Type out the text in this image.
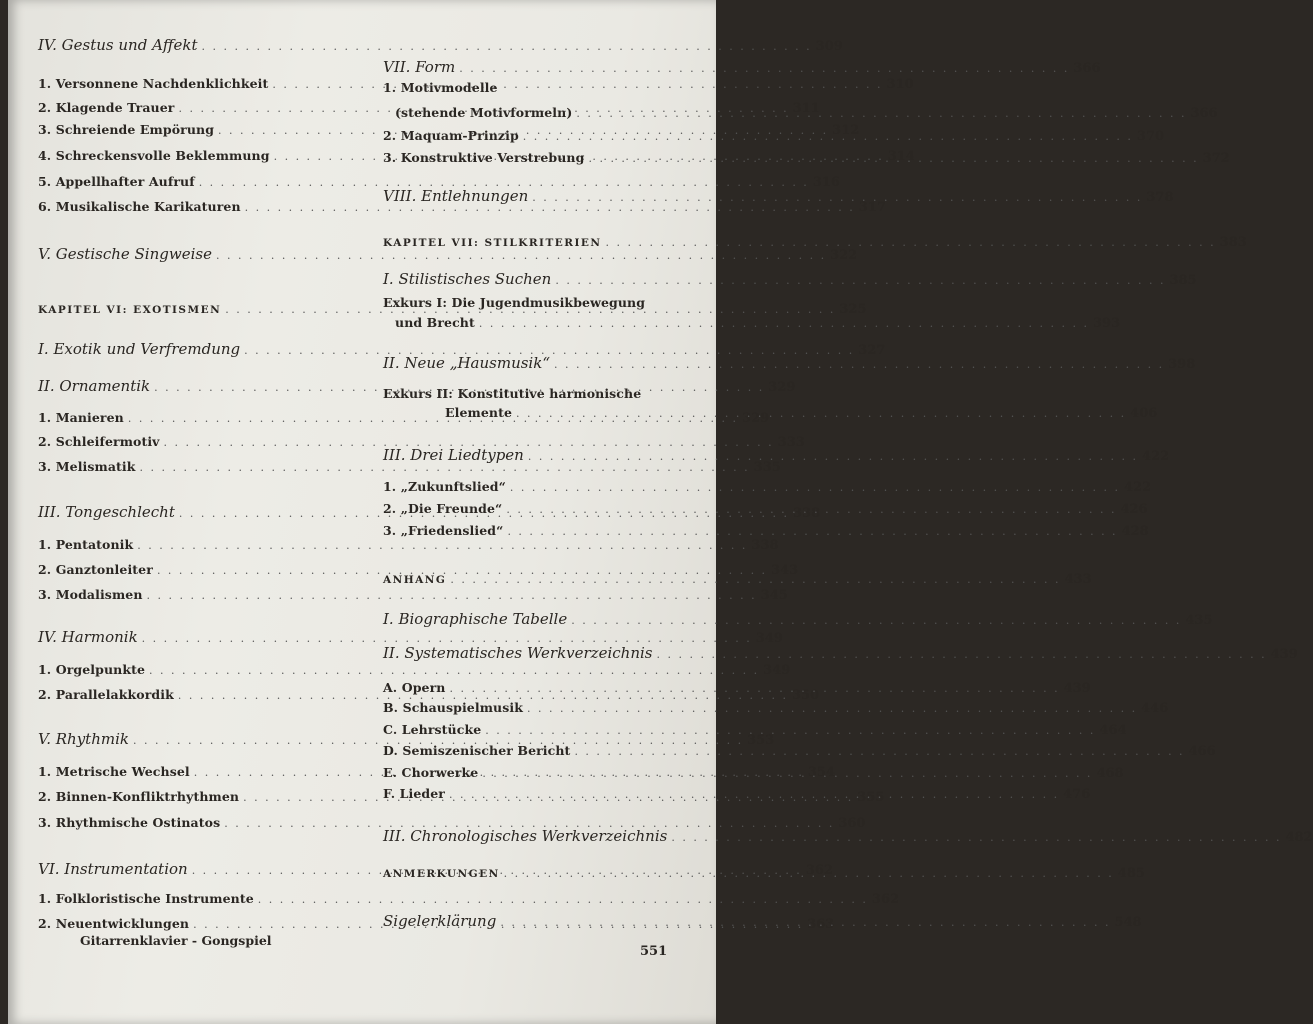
IV. Gestus und Affekt . . .	309
1. Versonnene Nachdenklichkeit . . .	310
2. Klagende Trauer . . .	311
3. Schreiende Empörung . . .	312
4. Schreckensvolle Beklemmung . . .	314
5. Appellhafter Aufruf . . .	316
6. Musikalische Karikaturen . . .	317
V. Gestische Singweise . . .	322
KAPITEL VI: EXOTISMEN . . .	325
I. Exotik und Verfremdung . . .	327
II. Ornamentik . . .	329
1. Manieren . . .	329
2. Schleifermotiv . . .	333
3. Melismatik . . .	335
III. Tongeschlecht . . .	338
1. Pentatonik . . .	338
2. Ganztonleiter . . .	343
3. Modalismen . . .	345
IV. Harmonik . . .	349
1. Orgelpunkte . . .	349
2. Parallelakkordik . . .	350
V. Rhythmik . . .	353
1. Metrische Wechsel . . .	354
2. Binnen-Konfliktrhythmen . . .	355
3. Rhythmische Ostinatos . . .	360
VI. Instrumentation . . .	362
1. Folkloristische Instrumente . . .	362
2. Neuentwicklungen . . .	363
VII. Form . . .	366
1. Motivmodelle
(stehende Motivformeln) . . .	366
2. Maquam-Prinzip . . .	370
3. Konstruktive Verstrebung . . .	372
VIII. Entlehnungen . . .	378
KAPITEL VII: STILKRITERIEN . . .	383
I. Stilistisches Suchen . . .	385
Exkurs I: Die Jugendmusikbewegung
und Brecht . . .	393
II. Neue „Hausmusik“ . . .	398
Exkurs II: Konstitutive harmonische
Elemente . . .	406
III. Drei Liedtypen . . .	422
1. „Zukunftslied“ . . .	422
2. „Die Freunde“ . . .	426
3. „Friedenslied“ . . .	428
ANHANG . . .	433
I. Biographische Tabelle . . .	435
II. Systematisches Werkverzeichnis . . .	439
A. Opern . . .	439
B. Schauspielmusik . . .	446
C. Lehrstücke . . .	464
D. Semiszenischer Bericht . . .	466
E. Chorwerke . . .	468
F. Lieder . . .	476
III. Chronologisches Werkverzeichnis . . .	482
ANMERKUNGEN . . .	485
Sigelerklärung . . .	548
Gitarrenklavier - Gongspiel
551
